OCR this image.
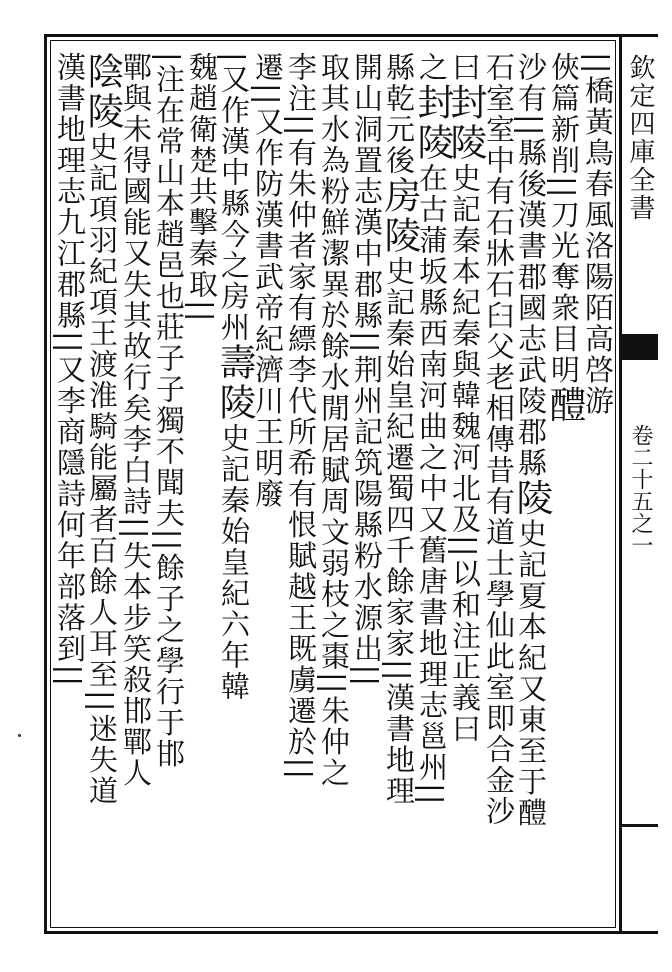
欽定四庫全書
卷二十五之一
||橋黃鳥春風洛陽陌高啓游
俠篇新削||刀光奪衆目明醴
沙有||縣後漢書郡國志武陵郡縣陵史記夏本紀又東至于醴
石室室中有石牀石臼父老相傳昔有道士學仙此室即合金沙
曰封陵史記秦本紀秦與韓魏河北及||以和注正義曰
之封陵在古蒲坂縣西南河曲之中又舊唐書地理志邕州||
縣乾元後房陵史記秦始皇紀遷蜀四千餘家家||漢書地理
開山洞置志漢中郡縣||荆州記筑陽縣粉水源出||
取其水為粉鮮潔異於餘水閒居賦周文弱枝之棗||朱仲之
李注||有朱仲者家有縹李代所希有恨賦越王既虜遷於||
遷||又作防漢書武帝紀濟川王明廢
|又作漢中縣今之房州壽陵史記秦始皇紀六年韓
魏趙衛楚共擊秦取||
|注在常山本趙邑也莊子子獨不聞夫||餘子之學行于邯
鄲與未得國能又失其故行矣李白詩||失本步笑殺邯鄲人
陰陵史記項羽紀項王渡淮騎能屬者百餘人耳至||迷失道
漢書地理志九江郡縣||又李商隱詩何年部落到||
